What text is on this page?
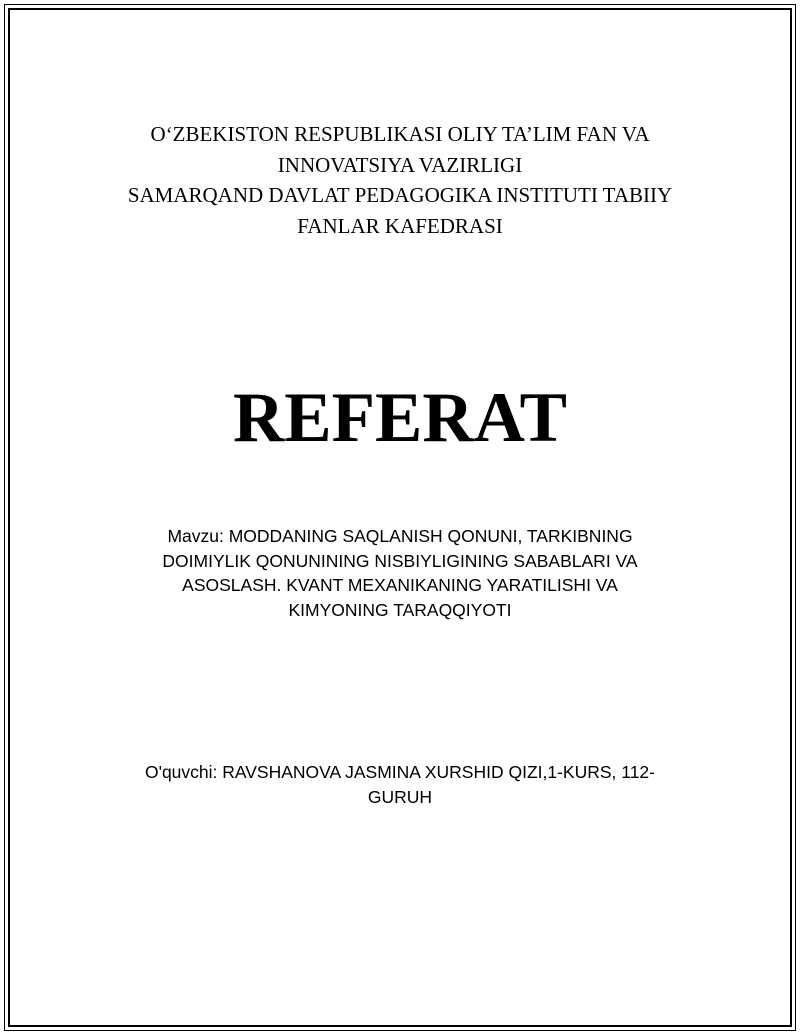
O‘ZBEKISTON RESPUBLIKASI OLIY TA’LIM FAN VA
INNOVATSIYA VAZIRLIGI
SAMARQAND DAVLAT PEDAGOGIKA INSTITUTI TABIIY
FANLAR KAFEDRASI
REFERAT
Mavzu: MODDANING SAQLANISH QONUNI, TARKIBNING
DOIMIYLIK QONUNINING NISBIYLIGINING SABABLARI VA
ASOSLASH. KVANT MEXANIKANING YARATILISHI VA
KIMYONING TARAQQIYOTI
O'quvchi: RAVSHANOVA JASMINA XURSHID QIZI,1-KURS, 112-
GURUH
